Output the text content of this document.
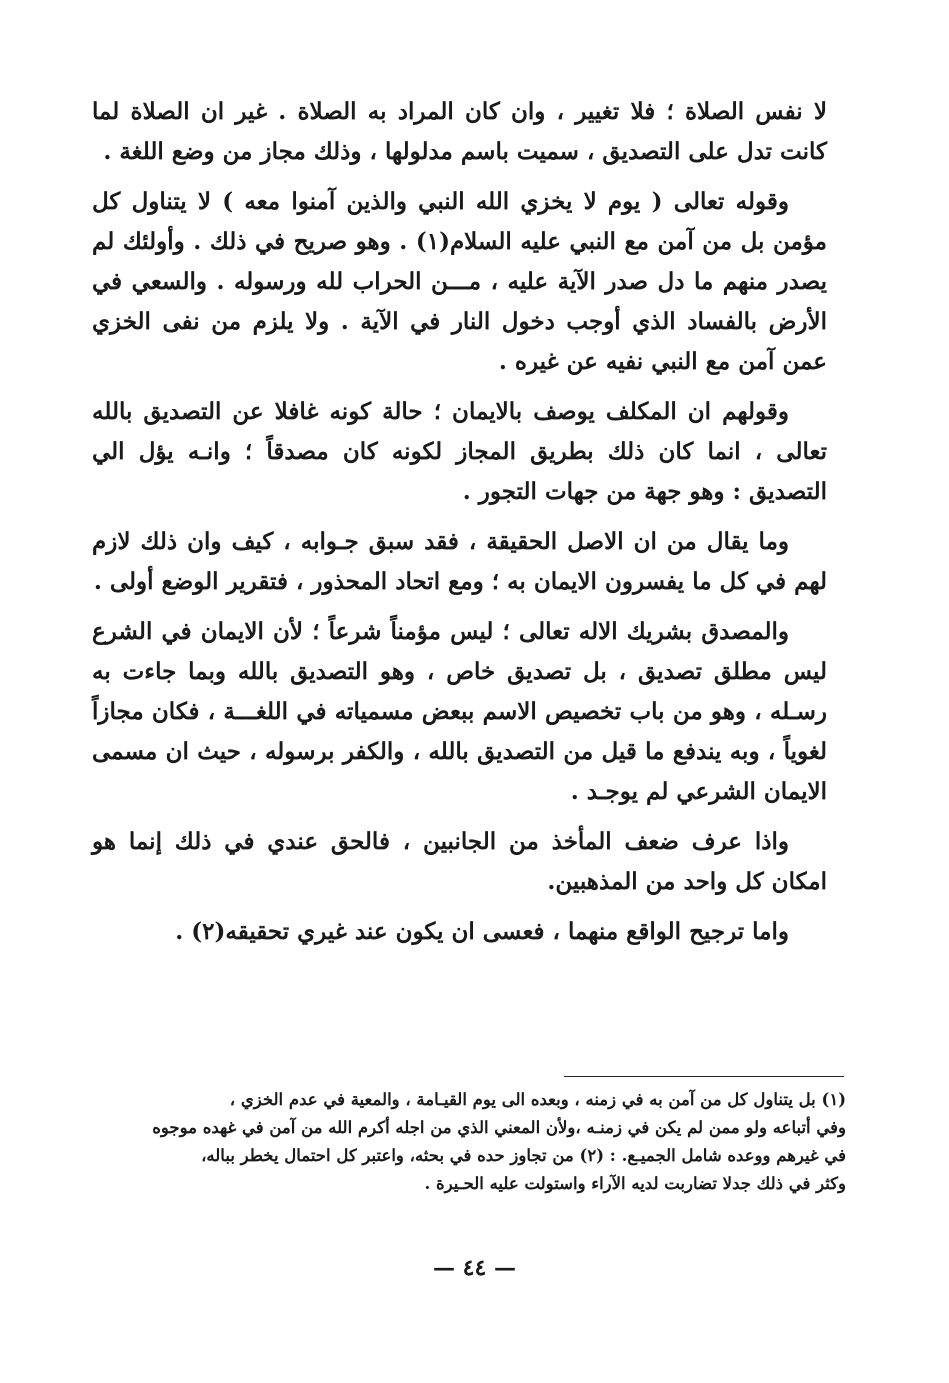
لا نفس الصلاة ؛ فلا تغيير ، وان كان المراد به الصلاة . غير ان الصلاة لما كانت تدل على التصديق ، سميت باسم مدلولها ، وذلك مجاز من وضع اللغة .

وقوله تعالى ( يوم لا يخزي الله النبي والذين آمنوا معه ) لا يتناول كل مؤمن بل من آمن مع النبي عليه السلام(١) . وهو صريح في ذلك . وأولئك لم يصدر منهم ما دل صدر الآية عليه ، مـــن الحراب لله ورسوله . والسعي في الأرض بالفساد الذي أوجب دخول النار في الآية . ولا يلزم من نفى الخزي عمن آمن مع النبي نفيه عن غيره .

وقولهم ان المكلف يوصف بالايمان ؛ حالة كونه غافلا عن التصديق بالله تعالى ، انما كان ذلك بطريق المجاز لكونه كان مصدقاً ؛ وانـه يؤل الي التصديق : وهو جهة من جهات التجور .

وما يقال من ان الاصل الحقيقة ، فقد سبق جـوابه ، كيف وان ذلك لازم لهم في كل ما يفسرون الايمان به ؛ ومع اتحاد المحذور ، فتقرير الوضع أولى .

والمصدق بشريك الاله تعالى ؛ ليس مؤمناً شرعاً ؛ لأن الايمان في الشرع ليس مطلق تصديق ، بل تصديق خاص ، وهو التصديق بالله وبما جاءت به رسـله ، وهو من باب تخصيص الاسم ببعض مسمياته في اللغـــة ، فكان مجازاً لغوياً ، وبه يندفع ما قيل من التصديق بالله ، والكفر برسوله ، حيث ان مسمى الايمان الشرعي لم يوجـد .

واذا عرف ضعف المأخذ من الجانبين ، فالحق عندي في ذلك إنما هو امكان كل واحد من المذهبين.

واما ترجيح الواقع منهما ، فعسى ان يكون عند غيري تحقيقه(٢) .

(١) بل يتناول كل من آمن به في زمنه ، وبعده الى يوم القيـامة ، والمعية في عدم الخزي ،

وفي أتباعه ولو ممن لم يكن في زمنـه ،ولأن المعني الذي من اجله أكرم الله من آمن في غهده موجوه

في غيرهم ووعده شامل الجميـع. : (٢) من تجاوز حده في بحثه، واعتبر كل احتمال يخطر بباله،

وكثر في ذلك جدلا تضاربت لديه الآراء واستولت عليه الحـيرة .

— ٤٤ —
